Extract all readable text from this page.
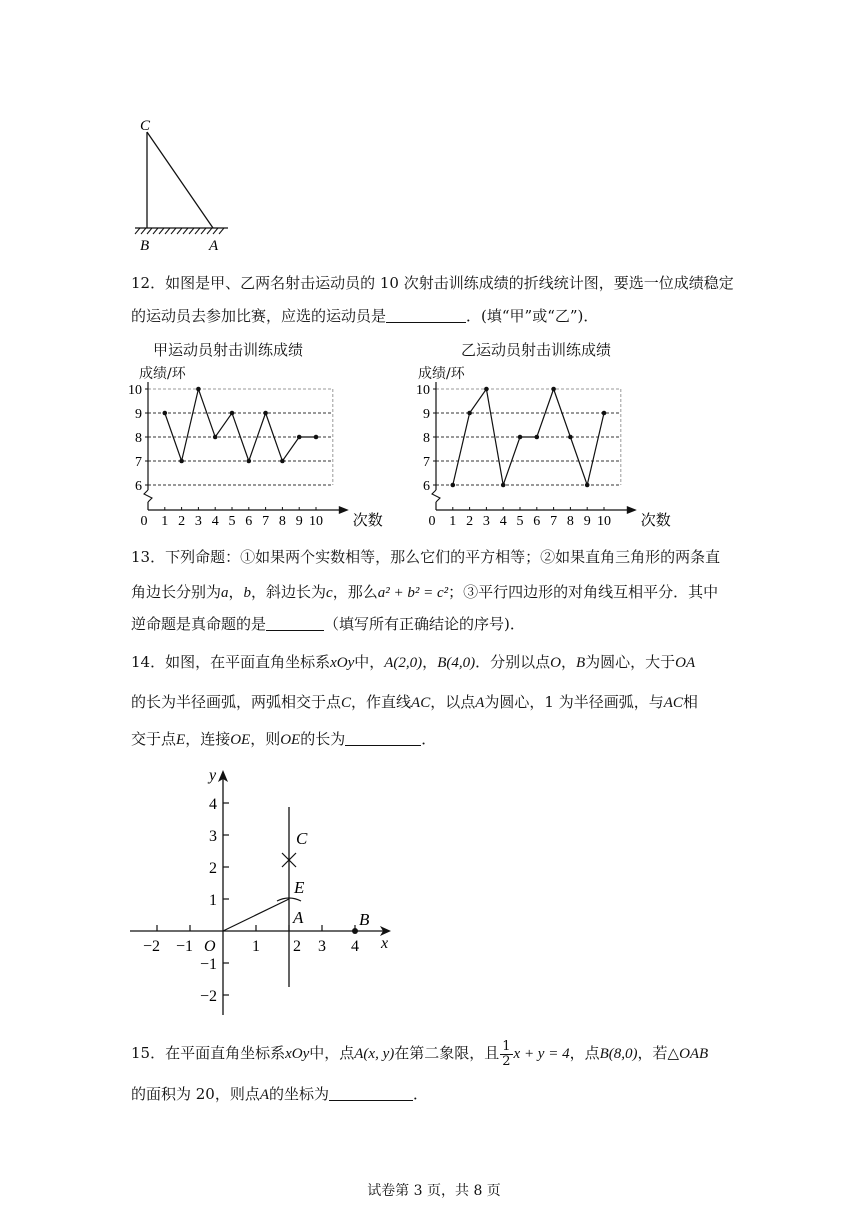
C
B	A
12．如图是甲、乙两名射击运动员的 10 次射击训练成绩的折线统计图，要选一位成绩稳定
的运动员去参加比赛，应选的运动员是	．(填“甲”或“乙”)．
甲运动员射击训练成绩
成绩/环
6
7
8
9
10
0 1 2 3 4 5 6 7 8 9 10 次数
乙运动员射击训练成绩
成绩/环
6
7
8
9
10
0 1 2 3 4 5 6 7 8 9 10 次数
13．下列命题：①如果两个实数相等，那么它们的平方相等；②如果直角三角形的两条直
角边长分别为a，b，斜边长为c，那么a² + b² = c²；③平行四边形的对角线互相平分．其中
逆命题是真命题的是	（填写所有正确结论的序号)．
14．如图，在平面直角坐标系xOy中，A(2,0)，B(4,0)．分别以点O，B为圆心，大于OA
的长为半径画弧，两弧相交于点C，作直线AC，以点A为圆心，1 为半径画弧，与AC相
交于点E，连接OE，则OE的长为	．
−2 −1	1 2 3 4
4
3
2
1
−1
−2
O	x
y
C
E
A	B
15．在平面直角坐标系xOy中，点A(x, y)在第二象限，且 $\frac{1}{2}$ x + y = 4，点B(8,0)，若△OAB
的面积为 20，则点A的坐标为	．
试卷第 3 页，共 8 页
